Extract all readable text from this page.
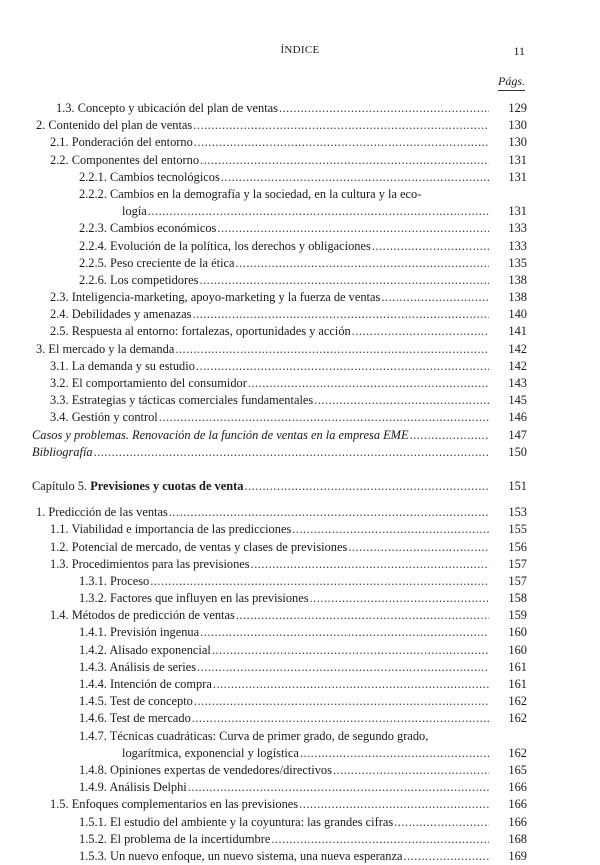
ÍNDICE	11
Págs.
1.3. Concepto y ubicación del plan de ventas .....	129
2. Contenido del plan de ventas .....	130
2.1. Ponderación del entorno .....	130
2.2. Componentes del entorno .....	131
2.2.1. Cambios tecnológicos .....	131
2.2.2. Cambios en la demografía y la sociedad, en la cultura y la eco-
logía .....	131
2.2.3. Cambios económicos .....	133
2.2.4. Evolución de la política, los derechos y obligaciones .....	133
2.2.5. Peso creciente de la ética .....	135
2.2.6. Los competidores .....	138
2.3. Inteligencia-marketing, apoyo-marketing y la fuerza de ventas .....	138
2.4. Debilidades y amenazas .....	140
2.5. Respuesta al entorno: fortalezas, oportunidades y acción .....	141
3. El mercado y la demanda .....	142
3.1. La demanda y su estudio .....	142
3.2. El comportamiento del consumidor .....	143
3.3. Estrategias y tácticas comerciales fundamentales .....	145
3.4. Gestión y control .....	146
Casos y problemas. Renovación de la función de ventas en la empresa EME .....	147
Bibliografía .....	150
Capítulo 5. Previsiones y cuotas de venta .....	151
1. Predicción de las ventas .....	153
1.1. Viabilidad e importancia de las predicciones .....	155
1.2. Potencial de mercado, de ventas y clases de previsiones .....	156
1.3. Procedimientos para las previsiones .....	157
1.3.1. Proceso .....	157
1.3.2. Factores que influyen en las previsiones .....	158
1.4. Métodos de predicción de ventas .....	159
1.4.1. Previsión ingenua .....	160
1.4.2. Alisado exponencial .....	160
1.4.3. Análisis de series .....	161
1.4.4. Intención de compra .....	161
1.4.5. Test de concepto .....	162
1.4.6. Test de mercado .....	162
1.4.7. Técnicas cuadráticas: Curva de primer grado, de segundo grado,
logarítmica, exponencial y logística .....	162
1.4.8. Opiniones expertas de vendedores/directivos .....	165
1.4.9. Análisis Delphi .....	166
1.5. Enfoques complementarios en las previsiones .....	166
1.5.1. El estudio del ambiente y la coyuntura: las grandes cifras .....	166
1.5.2. El problema de la incertidumbre .....	168
1.5.3. Un nuevo enfoque, un nuevo sistema, una nueva esperanza .....	169
